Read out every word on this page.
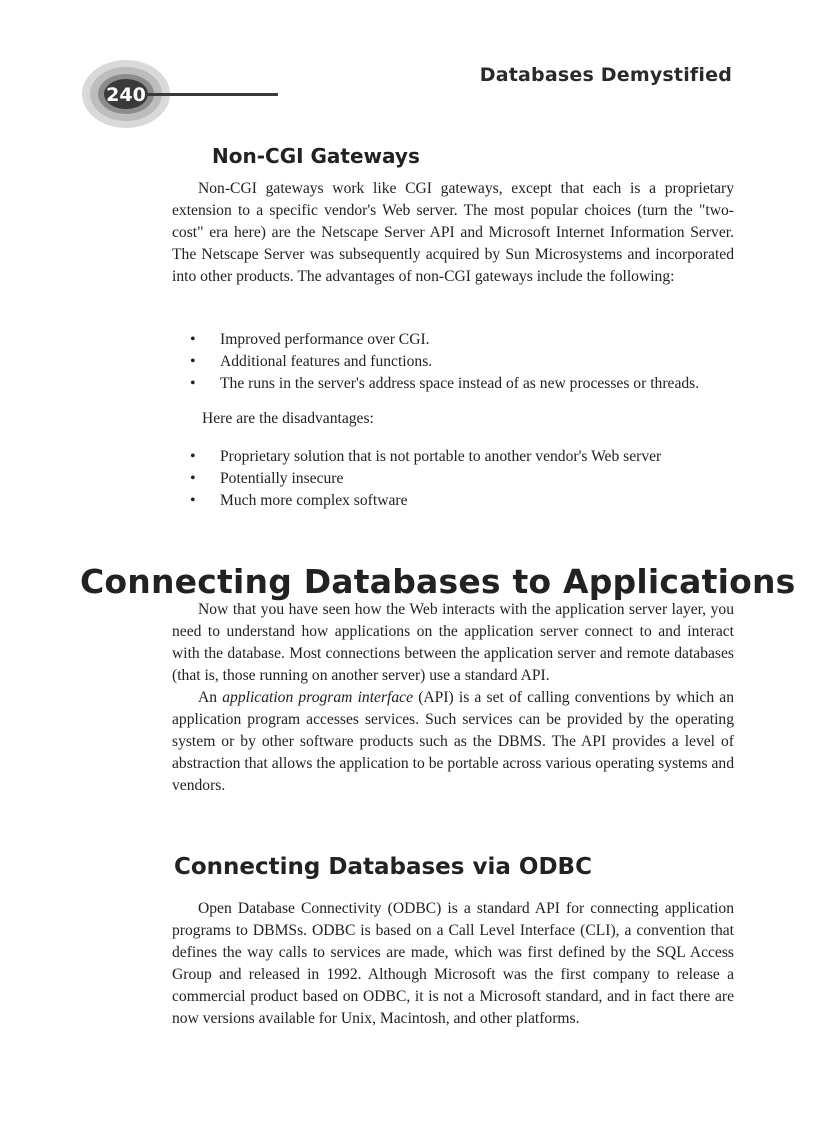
240
Databases Demystified
Non-CGI Gateways

Non-CGI gateways work like CGI gateways, except that each is a proprietary extension to a specific vendor's Web server. The most popular choices (turn the "two-cost" era here) are the Netscape Server API and Microsoft Internet Information Server. The Netscape Server was subsequently acquired by Sun Microsystems and incorporated into other products. The advantages of non-CGI gateways include the following:

• Improved performance over CGI.
• Additional features and functions.
• The runs in the server's address space instead of as new processes or threads.

Here are the disadvantages:

• Proprietary solution that is not portable to another vendor's Web server
• Potentially insecure
• Much more complex software
Connecting Databases to Applications

Now that you have seen how the Web interacts with the application server layer, you need to understand how applications on the application server connect to and interact with the database. Most connections between the application server and remote databases (that is, those running on another server) use a standard API.
An application program interface (API) is a set of calling conventions by which an application program accesses services. Such services can be provided by the operating system or by other software products such as the DBMS. The API provides a level of abstraction that allows the application to be portable across various operating systems and vendors.

Connecting Databases via ODBC

Open Database Connectivity (ODBC) is a standard API for connecting application programs to DBMSs. ODBC is based on a Call Level Interface (CLI), a convention that defines the way calls to services are made, which was first defined by the SQL Access Group and released in 1992. Although Microsoft was the first company to release a commercial product based on ODBC, it is not a Microsoft standard, and in fact there are now versions available for Unix, Macintosh, and other platforms.
